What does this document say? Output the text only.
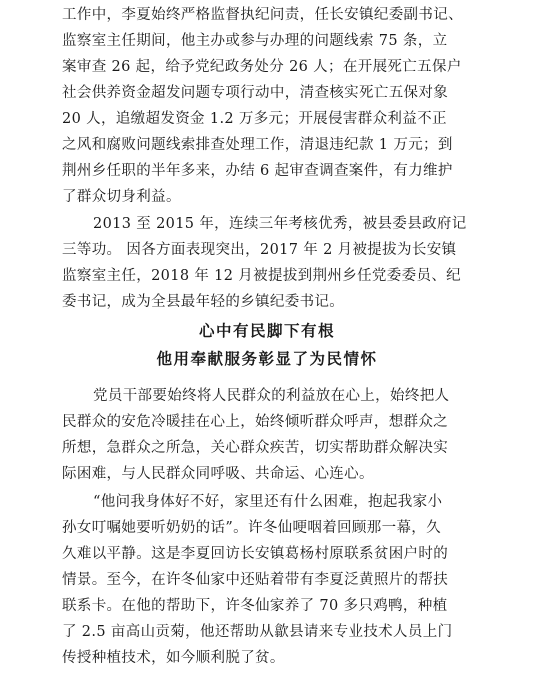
工作中，李夏始终严格监督执纪问责，任长安镇纪委副书记、
监察室主任期间，他主办或参与办理的问题线索 75 条，立
案审查 26 起，给予党纪政务处分 26 人；在开展死亡五保户
社会供养资金超发问题专项行动中，清查核实死亡五保对象
20 人，追缴超发资金 1.2 万多元；开展侵害群众利益不正
之风和腐败问题线索排查处理工作，清退违纪款 1 万元；到
荆州乡任职的半年多来，办结 6 起审查调查案件，有力维护
了群众切身利益。
2013 至 2015 年，连续三年考核优秀，被县委县政府记
三等功。 因各方面表现突出，2017 年 2 月被提拔为长安镇
监察室主任，2018 年 12 月被提拔到荆州乡任党委委员、纪
委书记，成为全县最年轻的乡镇纪委书记。
心中有民脚下有根
他用奉献服务彰显了为民情怀
党员干部要始终将人民群众的利益放在心上，始终把人
民群众的安危冷暖挂在心上，始终倾听群众呼声，想群众之
所想，急群众之所急，关心群众疾苦，切实帮助群众解决实
际困难，与人民群众同呼吸、共命运、心连心。
“他问我身体好不好，家里还有什么困难，抱起我家小
孙女叮嘱她要听奶奶的话”。许冬仙哽咽着回顾那一幕，久
久难以平静。这是李夏回访长安镇葛杨村原联系贫困户时的
情景。至今，在许冬仙家中还贴着带有李夏泛黄照片的帮扶
联系卡。在他的帮助下，许冬仙家养了 70 多只鸡鸭，种植
了 2.5 亩高山贡菊，他还帮助从歙县请来专业技术人员上门
传授种植技术，如今顺利脱了贫。
